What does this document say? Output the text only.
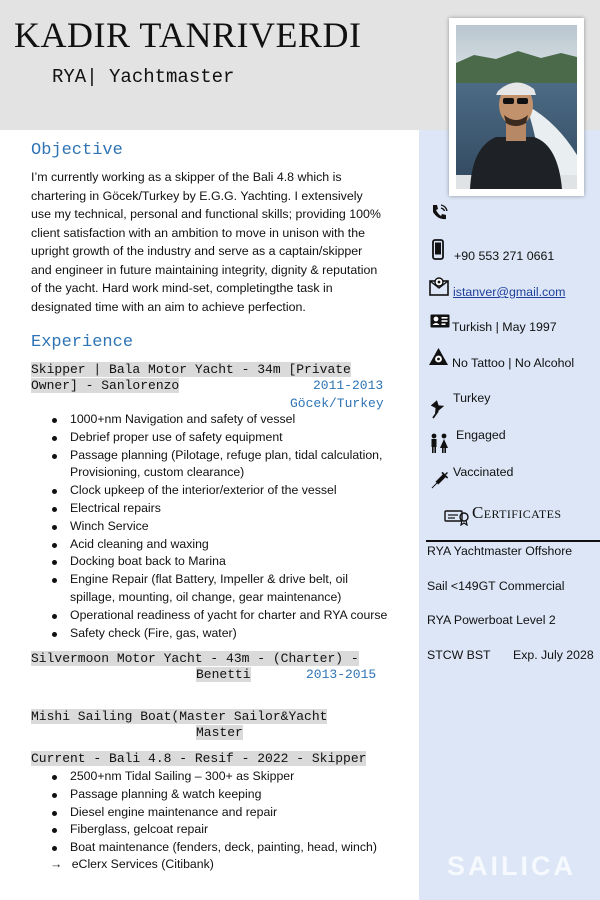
KADIR TANRIVERDI
RYA| Yachtmaster
Objective
I’m currently working as a skipper of the Bali 4.8 which is chartering in Göcek/Turkey by E.G.G. Yachting. I extensively use my technical, personal and functional skills; providing 100% client satisfaction with an ambition to move in unison with the upright growth of the industry and serve as a captain/skipper and engineer in future maintaining integrity, dignity & reputation of the yacht. Hard work mind-set, completingthe task in designated time with an aim to achieve perfection.
Experience
Skipper | Bala Motor Yacht - 34m [Private
Owner] - Sanlorenzo	2011-2013
Göcek/Turkey
1000+nm Navigation and safety of vessel
Debrief proper use of safety equipment
Passage planning (Pilotage, refuge plan, tidal calculation, Provisioning, custom clearance)
Clock upkeep of the interior/exterior of the vessel
Electrical repairs
Winch Service
Acid cleaning and waxing
Docking boat back to Marina
Engine Repair (flat Battery, Impeller & drive belt, oil spillage, mounting, oil change, gear maintenance)
Operational readiness of yacht for charter and RYA course
Safety check (Fire, gas, water)
Silvermoon Motor Yacht - 43m - (Charter) -
Benetti	2013-2015
Mishi Sailing Boat(Master Sailor&Yacht
Master
Current - Bali 4.8 - Resif - 2022 - Skipper
2500+nm Tidal Sailing – 300+ as Skipper
Passage planning & watch keeping
Diesel engine maintenance and repair
Fiberglass, gelcoat repair
Boat maintenance (fenders, deck, painting, head, winch)
→ eClerx Services (Citibank)
+90 553 271 0661
istanver@gmail.com
Turkish | May 1997
No Tattoo | No Alcohol
Turkey
Engaged
Vaccinated
Certificates
RYA Yachtmaster Offshore
Sail <149GT Commercial
RYA Powerboat Level 2
STCW BST Exp. July 2028
SAILICA
